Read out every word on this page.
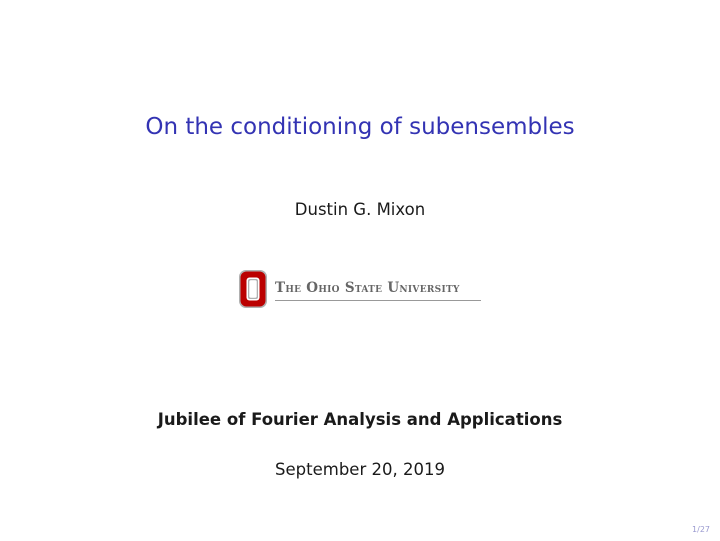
On the conditioning of subensembles
Dustin G. Mixon
The Ohio State University
Jubilee of Fourier Analysis and Applications
September 20, 2019
1/27
